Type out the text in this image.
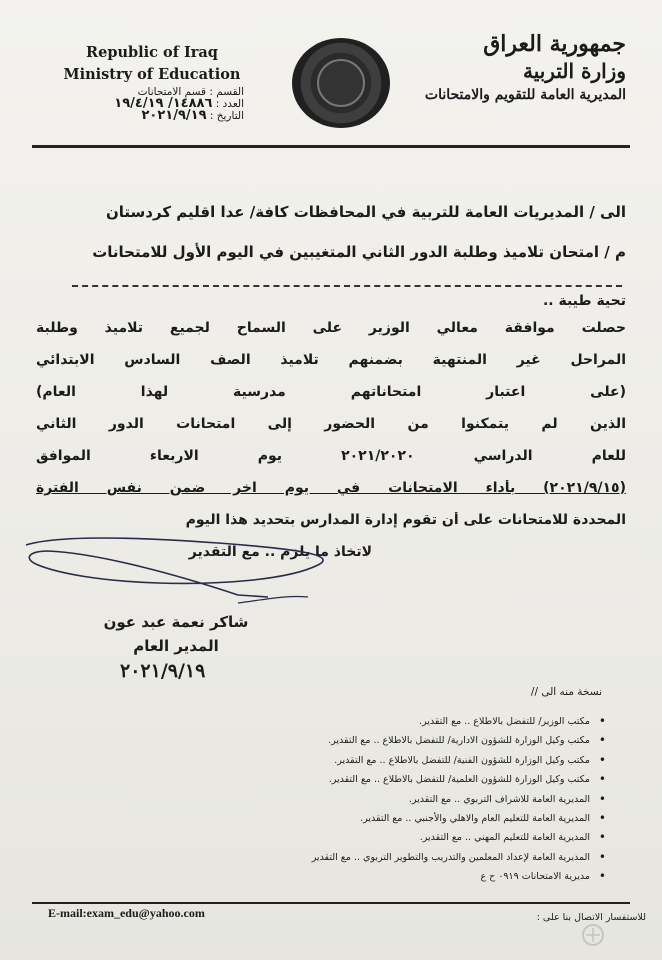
Republic of Iraq
Ministry of Education
القسم : قسم الامتحانات
العدد : ١٤٨٨٦/ ١٩/٤/١٩
التاريخ : ٢٠٢١/٩/١٩
جمهورية العراق
وزارة التربية
المديرية العامة للتقويم والامتحانات
الى / المديريات العامة للتربية في المحافظات كافة/ عدا اقليم كردستان
م / امتحان تلاميذ وطلبة الدور الثاني المتغيبين في اليوم الأول للامتحانات
تحية طيبة ..
حصلت موافقة معالي الوزير على السماح لجميع تلاميذ وطلبة
المراحل غير المنتهية بضمنهم تلاميذ الصف السادس الابتدائي
(على اعتبار امتحاناتهم مدرسية لهذا العام)
الذين لم يتمكنوا من الحضور إلى امتحانات الدور الثاني
للعام الدراسي ٢٠٢١/٢٠٢٠ يوم الاربعاء الموافق
(٢٠٢١/٩/١٥) بأداء الامتحانات في يوم اخر ضمن نفس الفترة
المحددة للامتحانات على أن تقوم إدارة المدارس بتحديد هذا اليوم
لاتخاذ ما يلزم .. مع التقدير
شاكر نعمة عبد عون
المدير العام
٢٠٢١/٩/١٩
نسخة منه الى //
• مكتب الوزير/ للتفضل بالاطلاع .. مع التقدير.
• مكتب وكيل الوزارة للشؤون الادارية/ للتفضل بالاطلاع .. مع التقدير.
• مكتب وكيل الوزارة للشؤون الفنية/ للتفضل بالاطلاع .. مع التقدير.
• مكتب وكيل الوزارة للشؤون العلمية/ للتفضل بالاطلاع .. مع التقدير.
• المديرية العامة للاشراف التربوي .. مع التقدير.
• المديرية العامة للتعليم العام والاهلي والأجنبي .. مع التقدير.
• المديرية العامة للتعليم المهني .. مع التقدير.
• المديرية العامة لإعداد المعلمين والتدريب والتطوير التربوي .. مع التقدير
• مديرية الامتحانات ٠٩١٩ ح ع
E-mail:exam_edu@yahoo.com	للاستفسار الاتصال بنا على :
